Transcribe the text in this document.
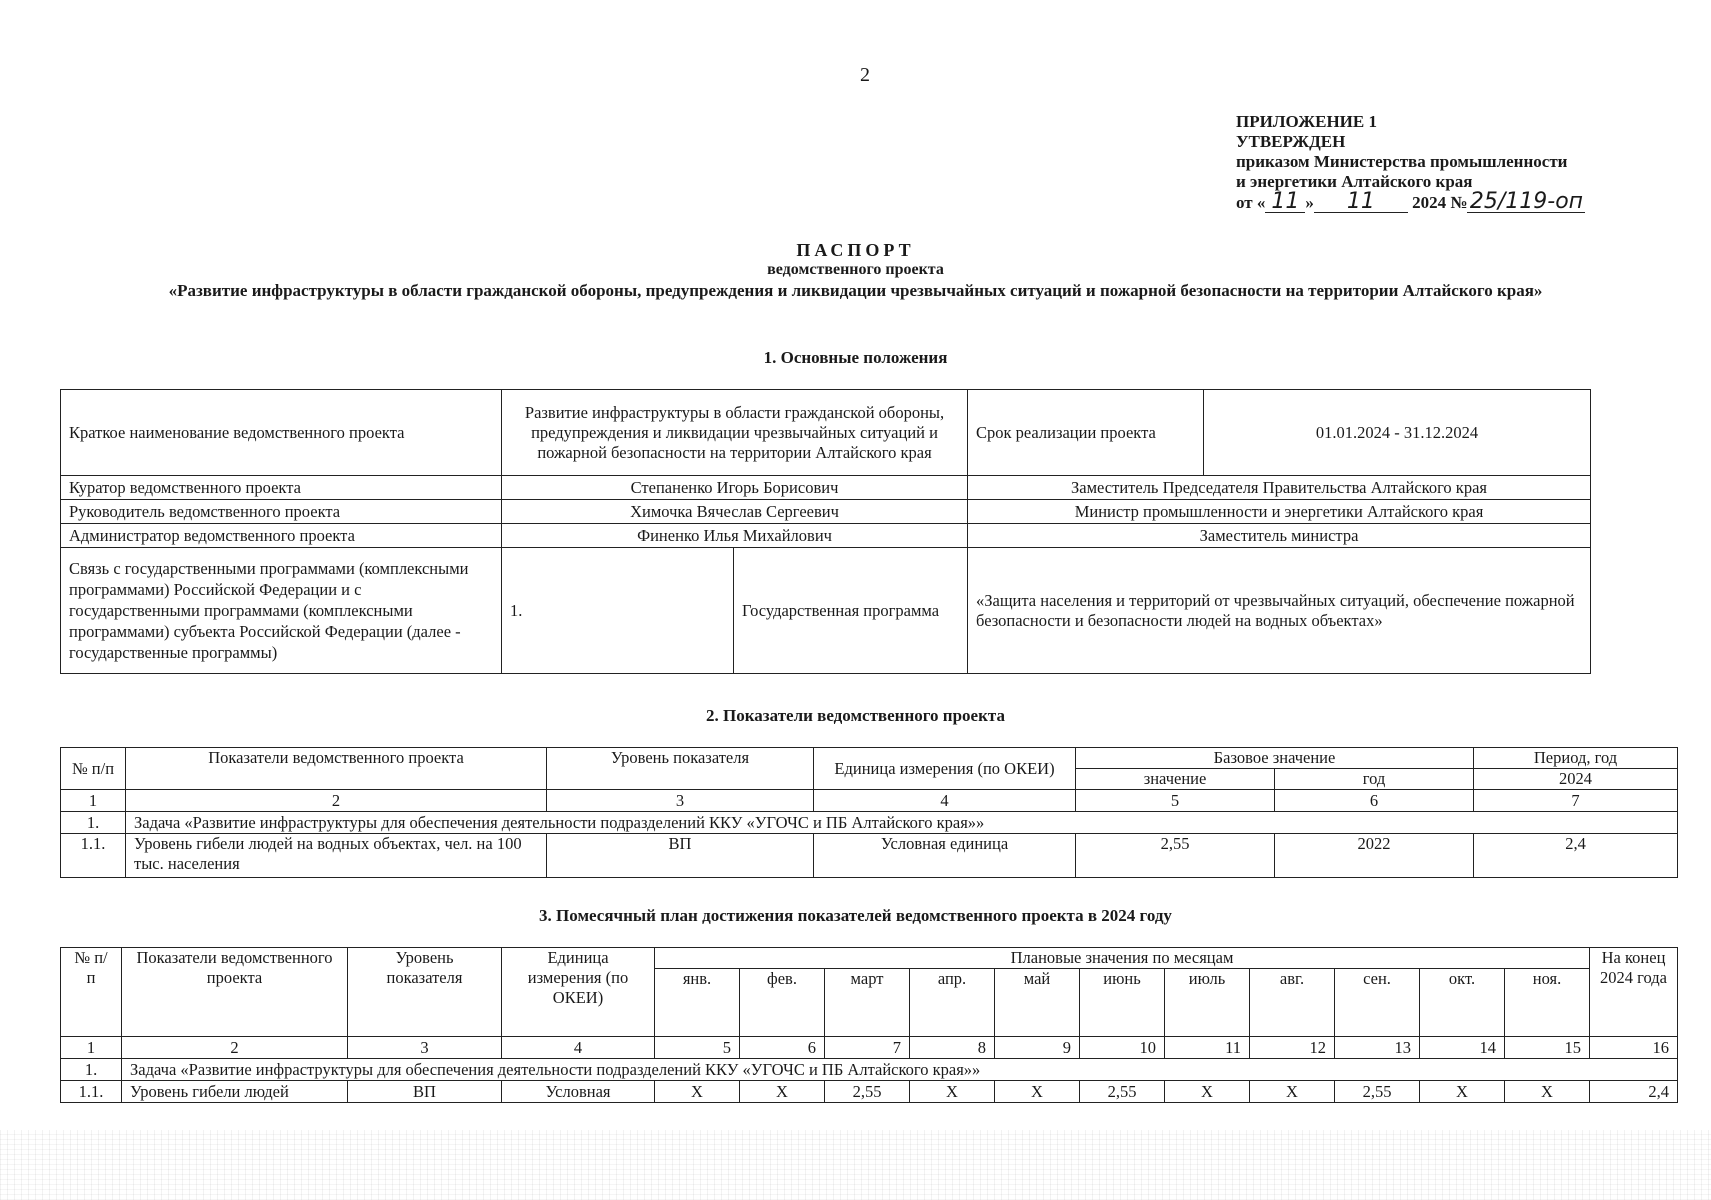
2
ПРИЛОЖЕНИЕ 1
УТВЕРЖДЕН
приказом Министерства промышленности
и энергетики Алтайского края
от « 11 » 11 2024 № 25/119-оп
ПАСПОРТ
ведомственного проекта
«Развитие инфраструктуры в области гражданской обороны, предупреждения и ликвидации чрезвычайных ситуаций и пожарной безопасности на территории Алтайского края»
1. Основные положения
Краткое наименование ведомственного проекта	Развитие инфраструктуры в области гражданской обороны, предупреждения и ликвидации чрезвычайных ситуаций и пожарной безопасности на территории Алтайского края		Срок реализации проекта	01.01.2024 - 31.12.2024
Куратор ведомственного проекта	Степаненко Игорь Борисович		Заместитель Председателя Правительства Алтайского края	
Руководитель ведомственного проекта	Химочка Вячеслав Сергеевич		Министр промышленности и энергетики Алтайского края	
Администратор ведомственного проекта	Финенко Илья Михайлович		Заместитель министра	
Связь с государственными программами (комплексными программами) Российской Федерации и с государственными программами (комплексными программами) субъекта Российской Федерации (далее - государственные программы)	1.	Государственная программа	«Защита населения и территорий от чрезвычайных ситуаций, обеспечение пожарной безопасности и безопасности людей на водных объектах»	
2. Показатели ведомственного проекта
№ п/п	Показатели ведомственного проекта	Уровень показателя	Единица измерения (по ОКЕИ)	Базовое значение		Период, год
				значение	год	2024
1	2	3	4	5	6	7
1.	Задача «Развитие инфраструктуры для обеспечения деятельности подразделений ККУ «УГОЧС и ПБ Алтайского края»»					
1.1.	Уровень гибели людей на водных объектах, чел. на 100 тыс. населения	ВП	Условная единица	2,55	2022	2,4
3. Помесячный план достижения показателей ведомственного проекта в 2024 году
№ п/ п	Показатели ведомственного проекта	Уровень показателя	Единица измерения (по ОКЕИ)	Плановые значения по месяцам											На конец 2024 года
				янв.	фев.	март	апр.	май	июнь	июль	авг.	сен.	окт.	ноя.	
1	2	3	4	5	6	7	8	9	10	11	12	13	14	15	16
1.	Задача «Развитие инфраструктуры для обеспечения деятельности подразделений ККУ «УГОЧС и ПБ Алтайского края»»														
1.1.	Уровень гибели людей	ВП	Условная	Х	Х	2,55	Х	Х	2,55	Х	Х	2,55	Х	Х	2,4
